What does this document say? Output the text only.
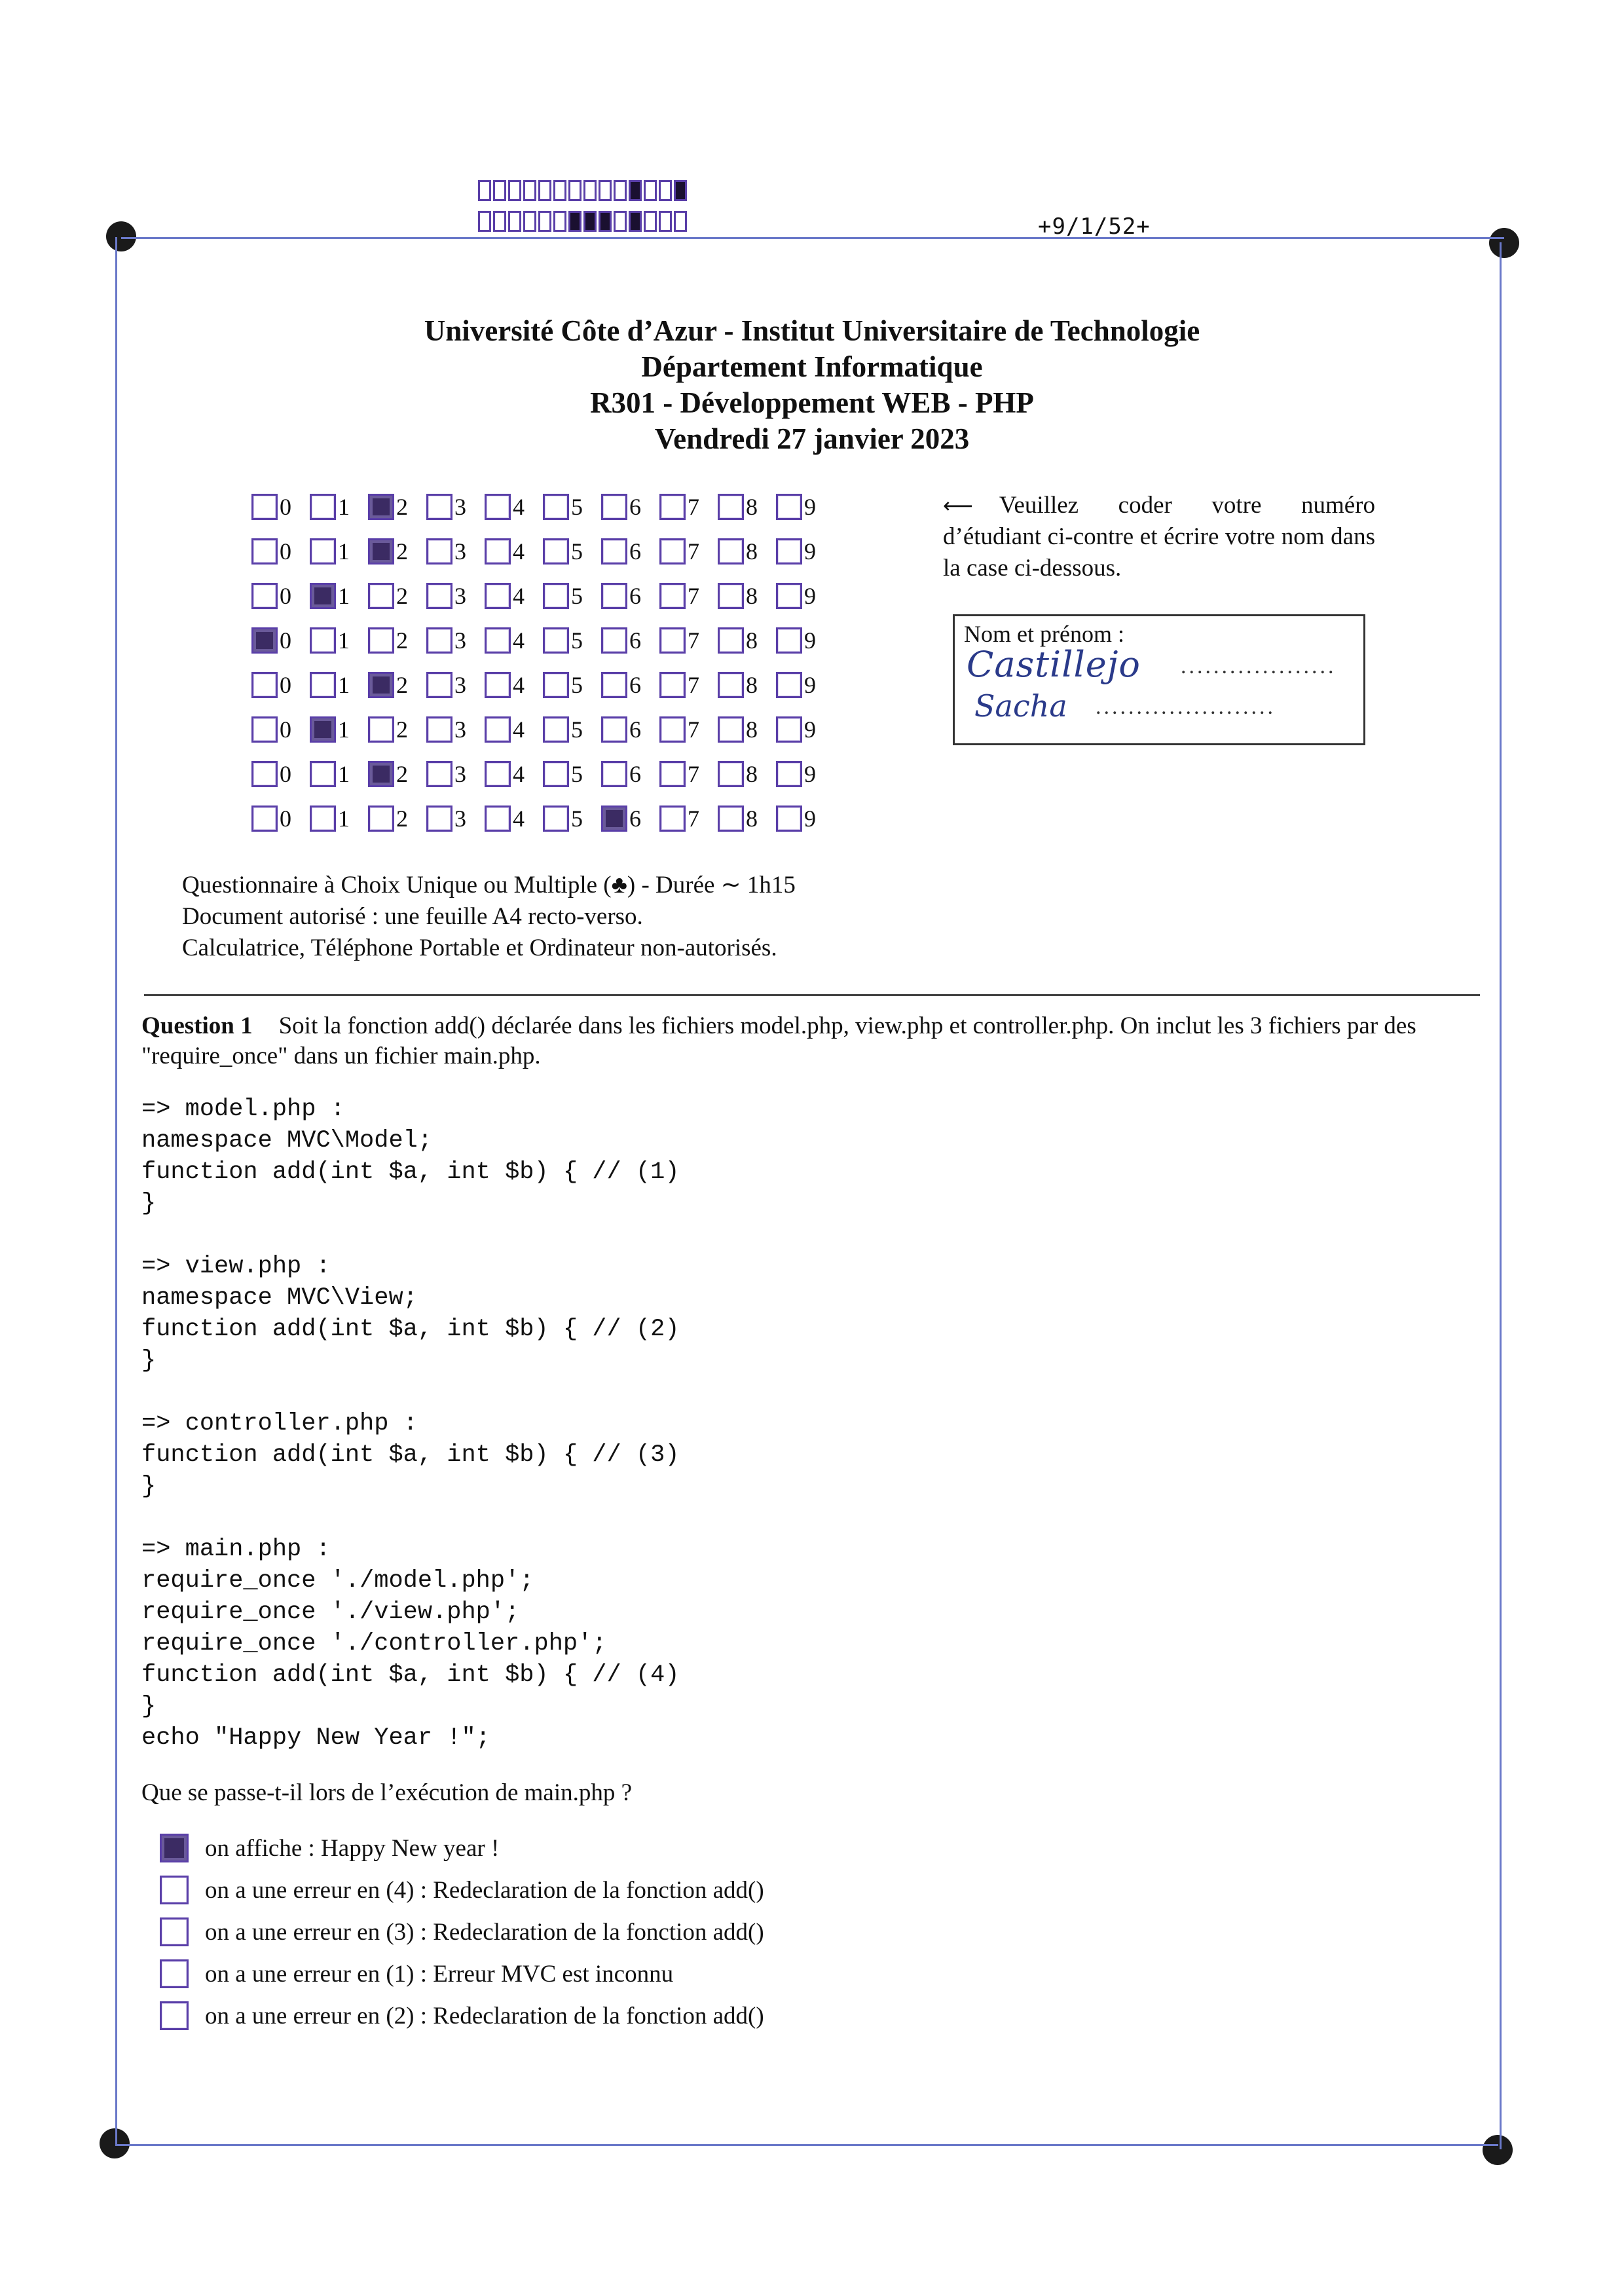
+9/1/52+
Université Côte d’Azur - Institut Universitaire de Technologie
Département Informatique
R301 - Développement WEB - PHP
Vendredi 27 janvier 2023
0 1 2 3 4 5 6 7 8 9
0 1 2 3 4 5 6 7 8 9
0 1 2 3 4 5 6 7 8 9
0 1 2 3 4 5 6 7 8 9
0 1 2 3 4 5 6 7 8 9
0 1 2 3 4 5 6 7 8 9
0 1 2 3 4 5 6 7 8 9
0 1 2 3 4 5 6 7 8 9
⟵ Veuillez coder votre numéro d’étudiant ci-contre et écrire votre nom dans la case ci-dessous.
Nom et prénom :
Castillejo ...................
Sacha ......................
Questionnaire à Choix Unique ou Multiple (♣) - Durée ∼ 1h15
Document autorisé : une feuille A4 recto-verso.
Calculatrice, Téléphone Portable et Ordinateur non-autorisés.
Question 1 Soit la fonction add() déclarée dans les fichiers model.php, view.php et controller.php. On inclut les 3 fichiers par des "require_once" dans un fichier main.php.
=> model.php :
namespace MVC\Model;
function add(int $a, int $b) { // (1)
}

=> view.php :
namespace MVC\View;
function add(int $a, int $b) { // (2)
}

=> controller.php :
function add(int $a, int $b) { // (3)
}

=> main.php :
require_once './model.php';
require_once './view.php';
require_once './controller.php';
function add(int $a, int $b) { // (4)
}
echo "Happy New Year !";
Que se passe-t-il lors de l’exécution de main.php ?
on affiche : Happy New year !
on a une erreur en (4) : Redeclaration de la fonction add()
on a une erreur en (3) : Redeclaration de la fonction add()
on a une erreur en (1) : Erreur MVC est inconnu
on a une erreur en (2) : Redeclaration de la fonction add()
